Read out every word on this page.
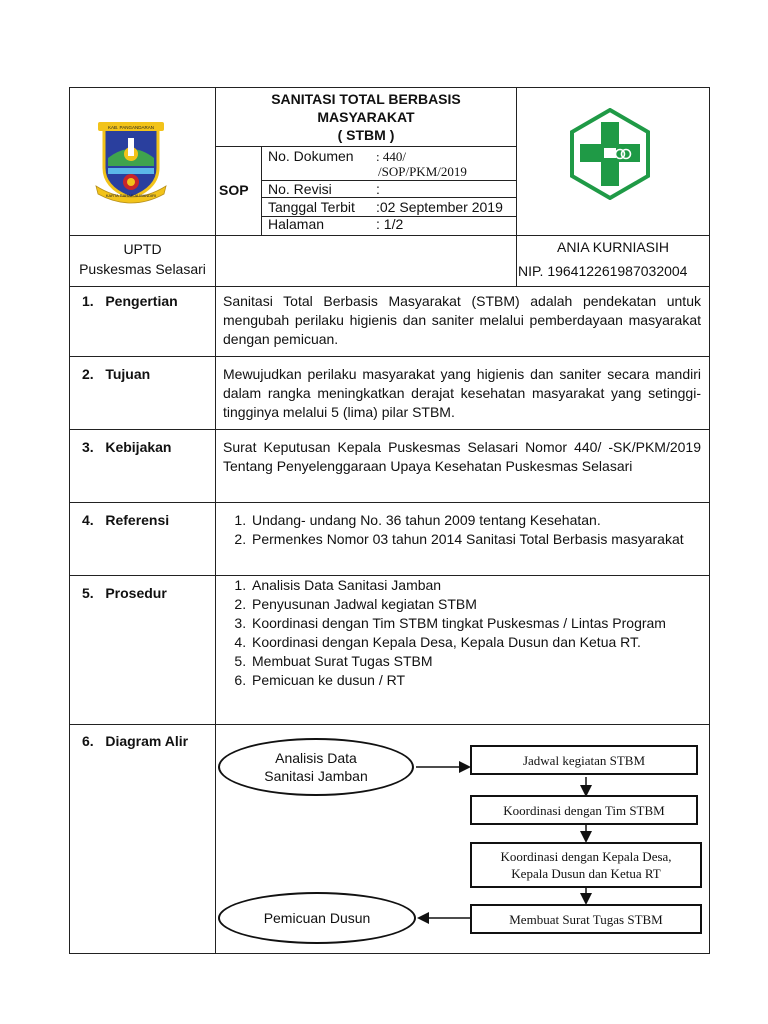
KAB. PANGANDARAN
KARTA RAHARJA MANDIRI
SANITASI TOTAL BERBASIS
MASYARAKAT
( STBM )
SOP
No. Dokumen : 440/
/SOP/PKM/2019
No. Revisi	:
Tanggal Terbit :02 September 2019
Halaman	: 1/2
UPTD
Puskesmas Selasari
ANIA KURNIASIH
NIP. 196412261987032004
1.   Pengertian	Sanitasi Total Berbasis Masyarakat (STBM) adalah pendekatan untuk mengubah perilaku higienis dan saniter melalui pemberdayaan masyarakat dengan pemicuan.
2.   Tujuan	Mewujudkan perilaku masyarakat yang higienis dan saniter secara mandiri dalam rangka meningkatkan derajat kesehatan masyarakat yang setinggi-tingginya melalui 5 (lima) pilar STBM.
3.   Kebijakan	Surat Keputusan Kepala Puskesmas Selasari Nomor 440/ -SK/PKM/2019 Tentang Penyelenggaraan Upaya Kesehatan Puskesmas Selasari
4.   Referensi	1. Undang- undang No. 36 tahun 2009 tentang Kesehatan.
2. Permenkes Nomor 03 tahun 2014 Sanitasi Total Berbasis masyarakat
5.   Prosedur	1. Analisis Data Sanitasi Jamban
2. Penyusunan Jadwal kegiatan STBM
3. Koordinasi dengan Tim STBM tingkat Puskesmas / Lintas Program
4. Koordinasi dengan Kepala Desa, Kepala Dusun dan Ketua RT.
5. Membuat Surat Tugas STBM
6. Pemicuan ke dusun / RT
6.   Diagram Alir
Analisis Data
Sanitasi Jamban
Jadwal kegiatan STBM
Koordinasi dengan Tim STBM
Koordinasi dengan Kepala Desa,
Kepala Dusun dan Ketua RT
Membuat Surat Tugas STBM
Pemicuan Dusun
